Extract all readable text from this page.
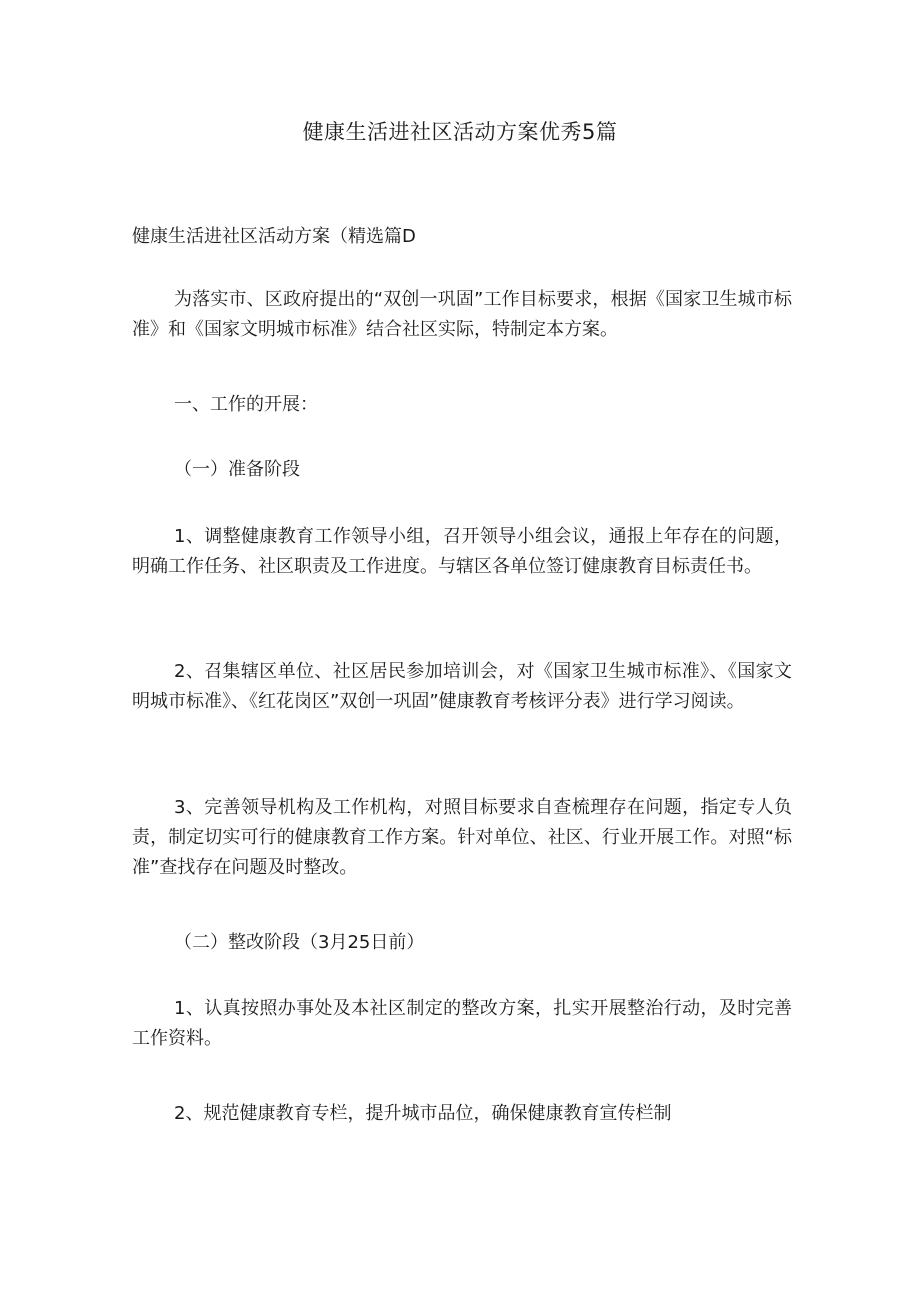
健康生活进社区活动方案优秀5篇
健康生活进社区活动方案（精选篇D

为落实市、区政府提出的“双创一巩固”工作目标要求，根据《国家卫生城市标准》和《国家文明城市标准》结合社区实际，特制定本方案。

一、工作的开展：
（一）准备阶段

1、调整健康教育工作领导小组，召开领导小组会议，通报上年存在的问题，明确工作任务、社区职责及工作进度。与辖区各单位签订健康教育目标责任书。

2、召集辖区单位、社区居民参加培训会，对《国家卫生城市标准》、《国家文明城市标准》、《红花岗区”双创一巩固”健康教育考核评分表》进行学习阅读。

3、完善领导机构及工作机构，对照目标要求自查梳理存在问题，指定专人负责，制定切实可行的健康教育工作方案。针对单位、社区、行业开展工作。对照“标准”查找存在问题及时整改。

（二）整改阶段（3月25日前）

1、认真按照办事处及本社区制定的整改方案，扎实开展整治行动，及时完善工作资料。

2、规范健康教育专栏，提升城市品位，确保健康教育宣传栏制
